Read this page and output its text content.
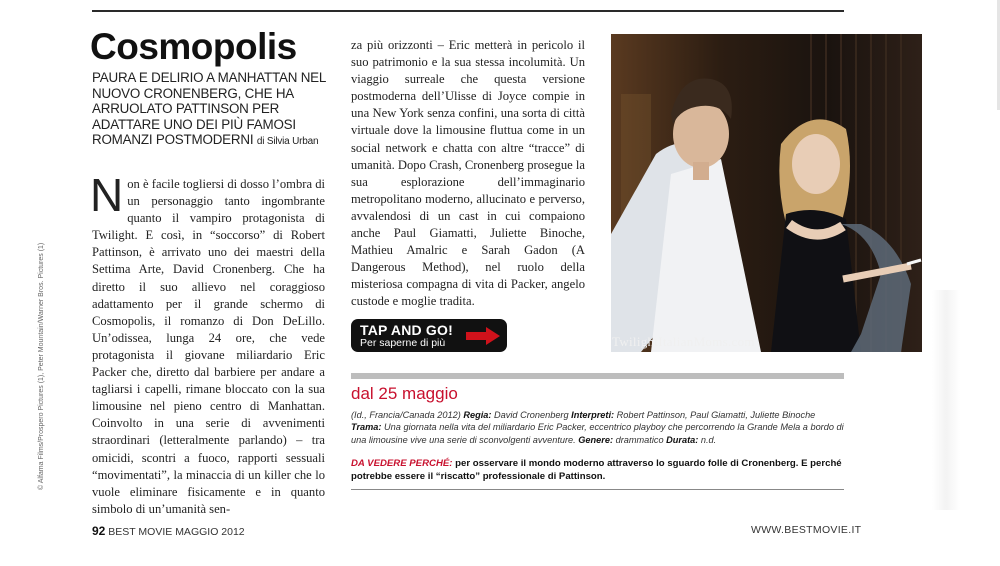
© Alfama Films/Prospero Pictures (1), Peter Mountain/Warner Bros. Pictures (1)
Cosmopolis
PAURA E DELIRIO A MANHATTAN NEL NUOVO CRONENBERG, CHE HA ARRUOLATO PATTINSON PER ADATTARE UNO DEI PIÙ FAMOSI ROMANZI POSTMODERNI di Silvia Urban
N on è facile togliersi di dosso l’ombra di un personaggio tanto ingombrante quanto il vampiro protagonista di Twilight. E così, in “soccorso” di Robert Pattinson, è arrivato uno dei maestri della Settima Arte, David Cronenberg. Che ha diretto il suo allievo nel coraggioso adattamento per il grande schermo di Cosmopolis, il romanzo di Don DeLillo. Un’odissea, lunga 24 ore, che vede protagonista il giovane miliardario Eric Packer che, diretto dal barbiere per andare a tagliarsi i capelli, rimane bloccato con la sua limousine nel pieno centro di Manhattan. Coinvolto in una serie di avvenimenti straordinari (letteralmente parlando) – tra omicidi, scontri a fuoco, rapporti sessuali “movimentati”, la minaccia di un killer che lo vuole eliminare fisicamente e in quanto simbolo di un’umanità sen-
za più orizzonti – Eric metterà in pericolo il suo patrimonio e la sua stessa incolumità. Un viaggio surreale che questa versione postmoderna dell’Ulisse di Joyce compie in una New York senza confini, una sorta di città virtuale dove la limousine fluttua come in un social network e chatta con altre “tracce” di umanità. Dopo Crash, Cronenberg prosegue la sua esplorazione dell’immaginario metropolitano moderno, allucinato e perverso, avvalendosi di un cast in cui compaiono anche Paul Giamatti, Juliette Binoche, Mathieu Amalric e Sarah Gadon (A Dangerous Method), nel ruolo della misteriosa compagna di vita di Packer, angelo custode e moglie tradita.
TwilightItalianMoms.com
TAP AND GO!
Per saperne di più
dal 25 maggio
(Id., Francia/Canada 2012) Regia: David Cronenberg Interpreti: Robert Pattinson, Paul Giamatti, Juliette Binoche Trama: Una giornata nella vita del miliardario Eric Packer, eccentrico playboy che percorrendo la Grande Mela a bordo di una limousine vive una serie di sconvolgenti avventure. Genere: drammatico Durata: n.d.
DA VEDERE PERCHÉ: per osservare il mondo moderno attraverso lo sguardo folle di Cronenberg. E perché potrebbe essere il “riscatto” professionale di Pattinson.
92 BEST MOVIE MAGGIO 2012	WWW.BESTMOVIE.IT
